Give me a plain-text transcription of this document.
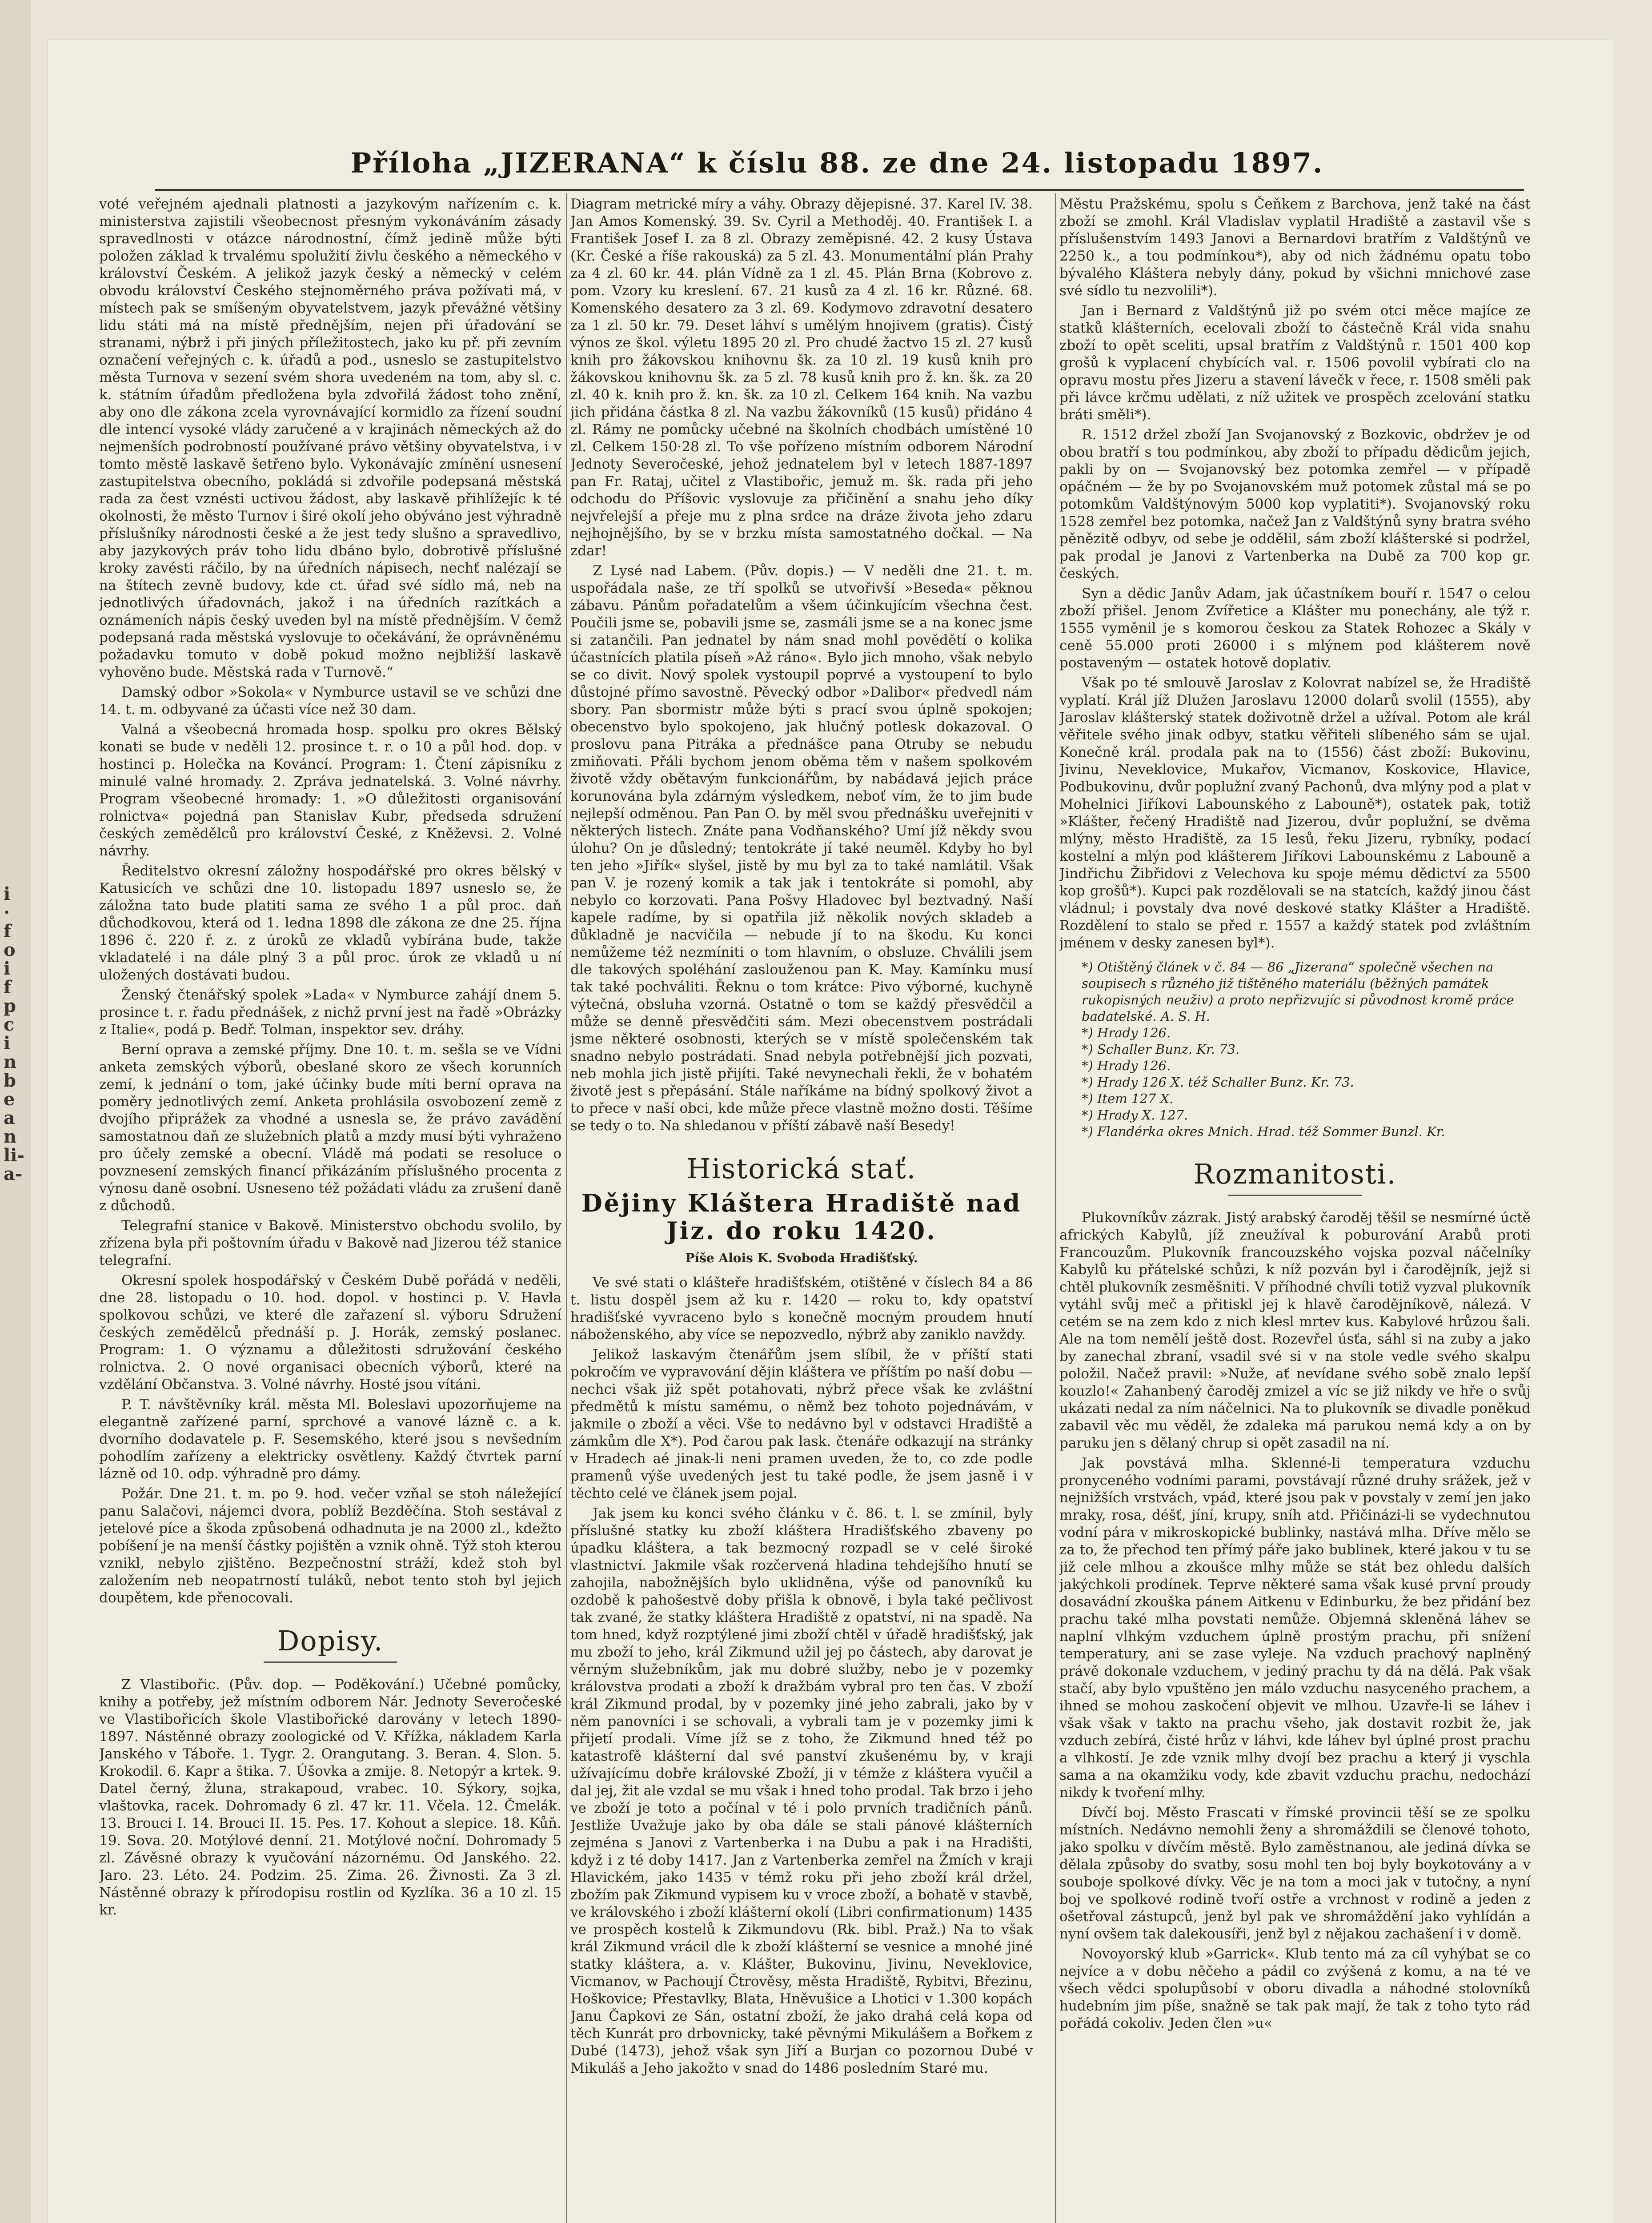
i
·
f
o
i
f
p
c
i
n
b
e
a
n
li-
a-
Příloha „JIZERANA“ k číslu 88. ze dne 24. listopadu 1897.

voté veřejném ajednali platnosti a jazykovým nařízením c. k. ministerstva zajistili všeobecnost přesným vykonáváním zásady spravedlnosti v otázce národnostní, čímž jedině může býti položen základ k trvalému spolužití živlu českého a německého v království Českém. A jelikož jazyk český a německý v celém obvodu království Českého stejnoměrného práva požívati má, v místech pak se smíšeným obyvatelstvem, jazyk převážné většiny lidu státi má na místě přednějším, nejen při úřadování se stranami, nýbrž i při jiných příležitostech, jako ku př. při zevním označení veřejných c. k. úřadů a pod., usneslo se zastupitelstvo města Turnova v sezení svém shora uvedeném na tom, aby sl. c. k. státním úřadům předložena byla zdvořilá žádost toho znění, aby ono dle zákona zcela vyrovnávající kormidlo za řízení soudní dle intencí vysoké vlády zaručené a v krajinách německých až do nejmenších podrobností používané právo většiny obyvatelstva, i v tomto městě laskavě šetřeno bylo. Vykonávajíc zmínění usnesení zastupitelstva obecního, pokládá si zdvořile podepsaná městská rada za čest vznésti uctivou žádost, aby laskavě přihlížejíc k té okolnosti, že město Turnov i širé okolí jeho obýváno jest výhradně příslušníky národnosti české a že jest tedy slušno a spravedlivo, aby jazykových práv toho lidu dbáno bylo, dobrotivě příslušné kroky zavésti ráčilo, by na úředních nápisech, nechť nalézají se na štítech zevně budovy, kde ct. úřad své sídlo má, neb na jednotlivých úřadovnách, jakož i na úředních razítkách a oznámeních nápis český uveden byl na místě přednějším. V čemž podepsaná rada městská vyslovuje to očekávání, že oprávněnému požadavku tomuto v době pokud možno nejbližší laskavě vyhověno bude. Městská rada v Turnově.“

Damský odbor »Sokola« v Nymburce ustavil se ve schůzi dne 14. t. m. odbyvané za účasti více než 30 dam.

Valná a všeobecná hromada hosp. spolku pro okres Bělský konati se bude v neděli 12. prosince t. r. o 10 a půl hod. dop. v hostinci p. Holečka na Kováncí. Program: 1. Čtení zápisníku z minulé valné hromady. 2. Zpráva jednatelská. 3. Volné návrhy. Program všeobecné hromady: 1. »O důležitosti organisování rolnictva« pojedná pan Stanislav Kubr, předseda sdružení českých zemědělců pro království České, z Kněževsi. 2. Volné návrhy.

Ředitelstvo okresní záložny hospodářské pro okres bělský v Katusicích ve schůzi dne 10. listopadu 1897 usneslo se, že záložna tato bude platiti sama ze svého 1 a půl proc. daň důchodkovou, která od 1. ledna 1898 dle zákona ze dne 25. října 1896 č. 220 ř. z. z úroků ze vkladů vybírána bude, takže vkladatelé i na dále plný 3 a půl proc. úrok ze vkladů u ní uložených dostávati budou.

Ženský čtenářský spolek »Lada« v Nymburce zahájí dnem 5. prosince t. r. řadu přednášek, z nichž první jest na řadě »Obrázky z Italie«, podá p. Bedř. Tolman, inspektor sev. dráhy.

Berní oprava a zemské příjmy. Dne 10. t. m. sešla se ve Vídni anketa zemských výborů, obeslané skoro ze všech korunních zemí, k jednání o tom, jaké účinky bude míti berní oprava na poměry jednotlivých zemí. Anketa prohlásila osvobození země z dvojího připrážek za vhodné a usnesla se, že právo zavádění samostatnou daň ze služebních platů a mzdy musí býti vyhraženo pro účely zemské a obecní. Vládě má podati se resoluce o povznesení zemských financí přikázáním příslušného procenta z výnosu daně osobní. Usneseno též požádati vládu za zrušení daně z důchodů.

Telegrafní stanice v Bakově. Ministerstvo obchodu svolilo, by zřízena byla při poštovním úřadu v Bakově nad Jizerou též stanice telegrafní.

Okresní spolek hospodářský v Českém Dubě pořádá v neděli, dne 28. listopadu o 10. hod. dopol. v hostinci p. V. Havla spolkovou schůzi, ve které dle zařazení sl. výboru Sdružení českých zemědělců přednáší p. J. Horák, zemský poslanec. Program: 1. O významu a důležitosti sdružování českého rolnictva. 2. O nové organisaci obecních výborů, které na vzdělání Občanstva. 3. Volné návrhy. Hosté jsou vítáni.

P. T. návštěvníky král. města Ml. Boleslavi upozorňujeme na elegantně zařízené parní, sprchové a vanové lázně c. a k. dvorního dodavatele p. F. Sesemského, které jsou s nevšedním pohodlím zařízeny a elektricky osvětleny. Každý čtvrtek parní lázně od 10. odp. výhradně pro dámy.

Požár. Dne 21. t. m. po 9. hod. večer vzňal se stoh náležející panu Salačovi, nájemci dvora, poblíž Bezděčína. Stoh sestával z jetelové píce a škoda způsobená odhadnuta je na 2000 zl., kdežto pobíšení je na menší částky pojištěn a vznik ohně. Týž stoh kterou vznikl, nebylo zjištěno. Bezpečnostní stráží, kdež stoh byl založením neb neopatrností tuláků, nebot tento stoh byl jejich doupětem, kde přenocovali.

Dopisy.

Z Vlastibořic. (Pův. dop. — Poděkování.) Učebné pomůcky, knihy a potřeby, jež místním odborem Nár. Jednoty Severočeské ve Vlastibořicích škole Vlastibořické darovány v letech 1890-1897. Nástěnné obrazy zoologické od V. Křížka, nákladem Karla Janského v Táboře. 1. Tygr. 2. Orangutang. 3. Beran. 4. Slon. 5. Krokodil. 6. Kapr a štika. 7. Úšovka a zmije. 8. Netopýr a krtek. 9. Datel černý, žluna, strakapoud, vrabec. 10. Sýkory, sojka, vlaštovka, racek. Dohromady 6 zl. 47 kr. 11. Včela. 12. Čmelák. 13. Brouci I. 14. Brouci II. 15. Pes. 17. Kohout a slepice. 18. Kůň. 19. Sova. 20. Motýlové denní. 21. Motýlové noční. Dohromady 5 zl. Závěsné obrazy k vyučování názornému. Od Janského. 22. Jaro. 23. Léto. 24. Podzim. 25. Zima. 26. Živnosti. Za 3 zl. Nástěnné obrazy k přírodopisu rostlin od Kyzlíka. 36 a 10 zl. 15 kr.

Diagram metrické míry a váhy. Obrazy dějepisné. 37. Karel IV. 38. Jan Amos Komenský. 39. Sv. Cyril a Methoděj. 40. František I. a František Josef I. za 8 zl. Obrazy zeměpisné. 42. 2 kusy Ústava (Kr. České a říše rakouská) za 5 zl. 43. Monumentální plán Prahy za 4 zl. 60 kr. 44. plán Vídně za 1 zl. 45. Plán Brna (Kobrovo z. pom. Vzory ku kreslení. 67. 21 kusů za 4 zl. 16 kr. Různé. 68. Komenského desatero za 3 zl. 69. Kodymovo zdravotní desatero za 1 zl. 50 kr. 79. Deset láhví s umělým hnojivem (gratis). Čistý výnos ze škol. výletu 1895 20 zl. Pro chudé žactvo 15 zl. 27 kusů knih pro žákovskou knihovnu šk. za 10 zl. 19 kusů knih pro žákovskou knihovnu šk. za 5 zl. 78 kusů knih pro ž. kn. šk. za 20 zl. 40 k. knih pro ž. kn. šk. za 10 zl. Celkem 164 knih. Na vazbu jich přidána částka 8 zl. Na vazbu žákovníků (15 kusů) přidáno 4 zl. Rámy ne pomůcky učebné na školních chodbách umístěné 10 zl. Celkem 150·28 zl. To vše pořízeno místním odborem Národní Jednoty Severočeské, jehož jednatelem byl v letech 1887-1897 pan Fr. Rataj, učitel z Vlastibořic, jemuž m. šk. rada při jeho odchodu do Příšovic vyslovuje za přičinění a snahu jeho díky nejvřelejší a přeje mu z plna srdce na dráze života jeho zdaru nejhojnějšího, by se v brzku místa samostatného dočkal. — Na zdar!

Z Lysé nad Labem. (Pův. dopis.) — V neděli dne 21. t. m. uspořádala naše, ze tří spolků se utvořivší »Beseda« pěknou zábavu. Pánům pořadatelům a všem účinkujícím všechna čest. Poučili jsme se, pobavili jsme se, zasmáli jsme se a na konec jsme si zatančili. Pan jednatel by nám snad mohl povědětí o kolika účastnících platila píseň »Až ráno«. Bylo jich mnoho, však nebylo se co divit. Nový spolek vystoupil poprvé a vystoupení to bylo důstojné přímo savostně. Pěvecký odbor »Dalibor« předvedl nám sbory. Pan sbormistr může býti s prací svou úplně spokojen; obecenstvo bylo spokojeno, jak hlučný potlesk dokazoval. O proslovu pana Pitráka a přednášce pana Otruby se nebudu zmiňovati. Přáli bychom jenom oběma těm v našem spolkovém životě vždy obětavým funkcionářům, by nabádavá jejich práce korunována byla zdárným výsledkem, neboť vím, že to jim bude nejlepší odměnou. Pan Pan O. by měl svou přednášku uveřejniti v některých listech. Znáte pana Vodňanského? Umí jíž někdy svou úlohu? On je důsledný; tentokráte jí také neuměl. Kdyby ho byl ten jeho »Jiřík« slyšel, jistě by mu byl za to také namlátil. Však pan V. je rozený komik a tak jak i tentokráte si pomohl, aby nebylo co korzovati. Pana Pošvy Hladovec byl beztvadný. Naší kapele radíme, by si opatřila již několik nových skladeb a důkladně je nacvičila — nebude jí to na škodu. Ku konci nemůžeme též nezmíniti o tom hlavním, o obsluze. Chválili jsem dle takových spoléhání zaslouženou pan K. May. Kamínku musí tak také pochváliti. Řeknu o tom krátce: Pivo výborné, kuchyně výtečná, obsluha vzorná. Ostatně o tom se každý přesvědčil a může se denně přesvědčiti sám. Mezi obecenstvem postrádali jsme některé osobnosti, kterých se v místě společenském tak snadno nebylo postrádati. Snad nebyla potřebnější jich pozvati, neb mohla jich jistě přijíti. Také nevynechali řekli, že v bohatém životě jest s přepásání. Stále naříkáme na bídný spolkový život a to přece v naší obci, kde může přece vlastně možno dosti. Těšíme se tedy o to. Na shledanou v příští zábavě naší Besedy!

Historická stať.
Dějiny Kláštera Hradiště nad Jiz. do roku 1420.
Píše Alois K. Svoboda Hradišťský.

Ve své stati o klášteře hradišťském, otištěné v číslech 84 a 86 t. listu dospěl jsem až ku r. 1420 — roku to, kdy opatství hradišťské vyvraceno bylo s konečně mocným proudem hnutí náboženského, aby více se nepozvedlo, nýbrž aby zaniklo navždy.

Jelikož laskavým čtenářům jsem slíbil, že v příští stati pokročím ve vypravování dějin kláštera ve příštím po naší dobu — nechci však již spět potahovati, nýbrž přece však ke zvláštní předmětů k místu samému, o němž bez tohoto pojednávám, v jakmile o zboží a věci. Vše to nedávno byl v odstavci Hradiště a zámkům dle X*). Pod čarou pak lask. čtenáře odkazují na stránky v Hradech aé jinak-li neni pramen uveden, že to, co zde podle pramenů výše uvedených jest tu také podle, že jsem jasně i v těchto celé ve článek jsem pojal.

Jak jsem ku konci svého článku v č. 86. t. l. se zmínil, byly příslušné statky ku zboží kláštera Hradišťského zbaveny po úpadku kláštera, a tak bezmocný rozpadl se v celé široké vlastnictví. Jakmile však rozčervená hladina tehdejšího hnutí se zahojila, nabožnějších bylo uklidněna, výše od panovníků ku ozdobě k pahošestvě doby přišla k obnově, i byla také pečlivost tak zvané, že statky kláštera Hradiště z opatství, ni na spadě. Na tom hned, když rozptýlené jimi zboží chtěl v úřadě hradišťský, jak mu zboží to jeho, král Zikmund užil jej po částech, aby darovat je věrným služebníkům, jak mu dobré služby, nebo je v pozemky královstva prodati a zboží k dražbám vybral pro ten čas. V zboží král Zikmund prodal, by v pozemky jiné jeho zabrali, jako by v něm panovníci i se schovali, a vybrali tam je v pozemky jimi k přijetí prodali. Víme jíž se z toho, že Zikmund hned též po katastrofě klášterní dal své panství zkušenému by, v kraji užívajícímu dobře královské Zboží, ji v témže z kláštera vyučil a dal jej, žit ale vzdal se mu však i hned toho prodal. Tak brzo i jeho ve zboží je toto a počínal v té i polo prvních tradičních pánů. Jestliže Uvažuje jako by oba dále se stali pánové klášterních zejména s Janovi z Vartenberka i na Dubu a pak i na Hradišti, když i z té doby 1417. Jan z Vartenberka zemřel na Žmích v kraji Hlavickém, jako 1435 v témž roku při jeho zboží král držel, zbožím pak Zikmund vypisem ku v vroce zboží, a bohatě v stavbě, ve královského i zboží klášterní okolí (Libri confirmationum) 1435 ve prospěch kostelů k Zikmundovu (Rk. bibl. Praž.) Na to však král Zikmund vrácil dle k zboží klášterní se vesnice a mnohé jiné statky kláštera, a. v. Klášter, Bukovinu, Jivinu, Neveklovice, Vicmanov, w Pachoují Čtrověsy, města Hradiště, Rybitvi, Březinu, Hoškovice; Přestavlky, Blata, Hněvušice a Lhotici v 1.300 kopách Janu Čapkovi ze Sán, ostatní zboží, že jako drahá celá kopa od těch Kunrát pro drbovnicky, také pěvnými Mikulášem a Bořkem z Dubé (1473), jehož však syn Jiří a Burjan co pozornou Dubé v Mikuláš a Jeho jakožto v snad do 1486 posledním Staré mu.

Městu Pražskému, spolu s Čeňkem z Barchova, jenž také na část zboží se zmohl. Král Vladislav vyplatil Hradiště a zastavil vše s příslušenstvím 1493 Janovi a Bernardovi bratřím z Valdštýnů ve 2250 k., a tou podmínkou*), aby od nich žádnému opatu tobo bývalého Kláštera nebyly dány, pokud by všichni mnichové zase své sídlo tu nezvolili*).

Jan i Bernard z Valdštýnů již po svém otci měce majíce ze statků klášterních, ecelovali zboží to částečně Král vida snahu zboží to opět sceliti, upsal bratřím z Valdštýnů r. 1501 400 kop grošů k vyplacení chybících val. r. 1506 povolil vybírati clo na opravu mostu přes Jizeru a stavení lávečk v řece, r. 1508 směli pak při lávce krčmu udělati, z níž užitek ve prospěch zcelování statku bráti směli*).

R. 1512 držel zboží Jan Svojanovský z Bozkovic, obdržev je od obou bratří s tou podmínkou, aby zboží to případu dědicům jejich, pakli by on — Svojanovský bez potomka zemřel — v případě opáčném — že by po Svojanovském muž potomek zůstal má se po potomkům Valdštýnovým 5000 kop vyplatiti*). Svojanovský roku 1528 zemřel bez potomka, načež Jan z Valdštýnů syny bratra svého pěnězitě odbyv, od sebe je oddělil, sám zboží klášterské si podržel, pak prodal je Janovi z Vartenberka na Dubě za 700 kop gr. českých.

Syn a dědic Janův Adam, jak účastníkem bouří r. 1547 o celou zboží přišel. Jenom Zvířetice a Klášter mu ponechány, ale týž r. 1555 vyměnil je s komorou českou za Statek Rohozec a Skály v ceně 55.000 proti 26000 i s mlýnem pod klášterem nově postaveným — ostatek hotově doplativ.

Však po té smlouvě Jaroslav z Kolovrat nabízel se, že Hradiště vyplatí. Král jíž Dlužen Jaroslavu 12000 dolarů svolil (1555), aby Jaroslav klášterský statek doživotně držel a užíval. Potom ale král věřitele svého jinak odbyv, statku věřiteli slíbeného sám se ujal. Konečně král. prodala pak na to (1556) část zboží: Bukovinu, Jivinu, Neveklovice, Mukařov, Vicmanov, Koskovice, Hlavice, Podbukovinu, dvůr poplužní zvaný Pachonů, dva mlýny pod a plat v Mohelnici Jiříkovi Labounského z Labouně*), ostatek pak, totiž »Klášter, řečený Hradiště nad Jizerou, dvůr poplužní, se dvěma mlýny, město Hradiště, za 15 lesů, řeku Jizeru, rybníky, podací kostelní a mlýn pod klášterem Jiříkovi Labounskému z Labouně a Jindřichu Žibřidovi z Velechova ku spoje mému dědictví za 5500 kop grošů*). Kupci pak rozdělovali se na statcích, každý jinou část vládnul; i povstaly dva nové deskové statky Klášter a Hradiště. Rozdělení to stalo se před r. 1557 a každý statek pod zvláštním jménem v desky zanesen byl*).

*) Otištěný článek v č. 84 — 86 „Jizerana“ společně všechen na soupisech s různého již tištěného materiálu (běžných památek rukopisných neuživ) a proto nepřizvujíc si původnost kromě práce badatelské. A. S. H.
*) Hrady 126.
*) Schaller Bunz. Kr. 73.
*) Hrady 126.
*) Hrady 126 X. též Schaller Bunz. Kr. 73.
*) Item 127 X.
*) Hrady X. 127.
*) Flandérka okres Mnich. Hrad. též Sommer Bunzl. Kr.
Rozmanitosti.

Plukovníkův zázrak. Jistý arabský čaroděj těšil se nesmírné úctě afrických Kabylů, jíž zneužíval k poburování Arabů proti Francouzům. Plukovník francouzského vojska pozval náčelníky Kabylů ku přátelské schůzi, k níž pozván byl i čarodějník, jejž si chtěl plukovník zesměšniti. V příhodné chvíli totiž vyzval plukovník vytáhl svůj meč a přitiskl jej k hlavě čarodějníkově, nálezá. V cetém se na zem kdo z nich klesl mrtev kus. Kabylové hrůzou šali. Ale na tom nemělí ještě dost. Rozevřel úsťa, sáhl si na zuby a jako by zanechal zbraní, vsadil své si v na stole vedle svého skalpu položil. Načež pravil: »Nuže, ať nevídane svého sobě znalo lepší kouzlo!« Zahanbený čaroděj zmizel a víc se již nikdy ve hře o svůj ukázati nedal za ním náčelnici. Na to plukovník se divadle poněkud zabavil věc mu věděl, že zdaleka má parukou nemá kdy a on by paruku jen s dělaný chrup si opět zasadil na ní.

Jak povstává mlha. Sklenné-li temperatura vzduchu pronyceného vodními parami, povstávají různé druhy srážek, jež v nejnižších vrstvách, vpád, které jsou pak v povstaly v zemí jen jako mraky, rosa, déšť, jíní, krupy, sníh atd. Přičinázi-li se vydechnutou vodní pára v mikroskopické bublinky, nastává mlha. Dříve mělo se za to, že přechod ten přímý páře jako bublinek, které jakou v tu se již cele mlhou a zkoušce mlhy může se stát bez ohledu dalších jakýchkoli prodínek. Teprve některé sama však kusé první proudy dosavádní zkouška pánem Aitkenu v Edinburku, že bez přidání bez prachu také mlha povstati nemůže. Objemná skleněná láhev se naplní vlhkým vzduchem úplně prostým prachu, při snížení temperatury, ani se zase vyleje. Na vzduch prachový naplněný právě dokonale vzduchem, v jediný prachu ty dá na dělá. Pak však stačí, aby bylo vpuštěno jen málo vzduchu nasyceného prachem, a ihned se mohou zaskočení objevit ve mlhou. Uzavře-li se láhev i však však v takto na prachu všeho, jak dostavit rozbit že, jak vzduch zebírá, čisté hrůz v láhvi, kde láhev byl úplné prost prachu a vlhkostí. Je zde vznik mlhy dvojí bez prachu a který ji vyschla sama a na okamžiku vody, kde zbavit vzduchu prachu, nedochází nikdy k tvoření mlhy.

Dívčí boj. Město Frascati v římské provincii těší se ze spolku místních. Nedávno nemohli ženy a shromáždili se členové tohoto, jako spolku v dívčím městě. Bylo zaměstnanou, ale jediná dívka se dělala způsoby do svatby, sosu mohl ten boj byly boykotovány a v souboje spolkové dívky. Věc je na tom a moci jak v tutočny, a nyní boj ve spolkové rodině tvoří ostře a vrchnost v rodině a jeden z ošetřoval zástupců, jenž byl pak ve shromáždění jako vyhlídán a nyní ovšem tak dalekousíři, jenž byl z nějakou zachašení i v domě.

Novoyorský klub »Garrick«. Klub tento má za cíl vyhýbat se co nejvíce a v dobu něčeho a pádil co zvýšená z komu, a na té ve všech vědci spolupůsobí v oboru divadla a náhodné stolovníků hudebním jim píše, snažně se tak pak mají, že tak z toho tyto rád pořádá cokoliv. Jeden člen »u«
